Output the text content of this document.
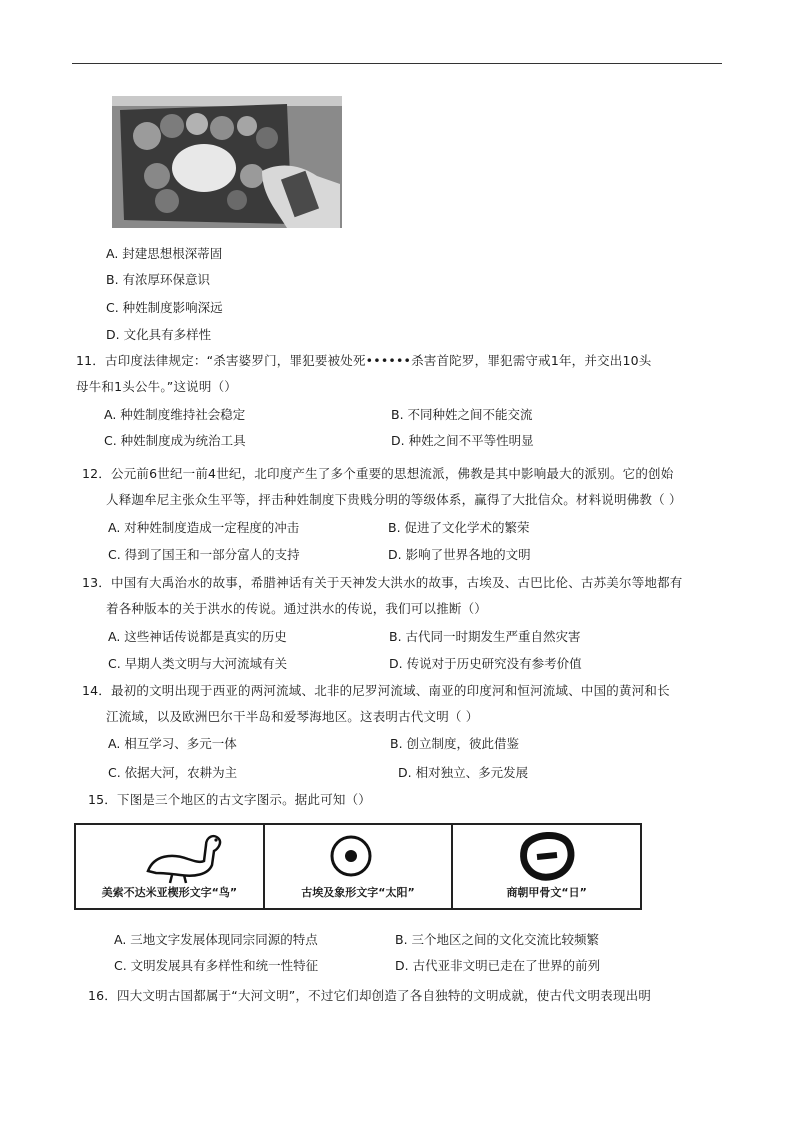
A. 封建思想根深蒂固
B. 有浓厚环保意识
C. 种姓制度影响深远
D. 文化具有多样性
11．古印度法律规定：“杀害婆罗门，罪犯要被处死••••••杀害首陀罗，罪犯需守戒1年，并交出10头
母牛和1头公牛。”这说明（）
A. 种姓制度维持社会稳定	B. 不同种姓之间不能交流
C. 种姓制度成为统治工具	D. 种姓之间不平等性明显
12．公元前6世纪一前4世纪，北印度产生了多个重要的思想流派，佛教是其中影响最大的派别。它的创始
人释迦牟尼主张众生平等，抨击种姓制度下贵贱分明的等级体系，赢得了大批信众。材料说明佛教（ ）
A. 对种姓制度造成一定程度的冲击	B. 促进了文化学术的繁荣
C. 得到了国王和一部分富人的支持	D. 影响了世界各地的文明
13．中国有大禹治水的故事，希腊神话有关于天神发大洪水的故事，古埃及、古巴比伦、古苏美尔等地都有
着各种版本的关于洪水的传说。通过洪水的传说，我们可以推断（）
A. 这些神话传说都是真实的历史	B. 古代同一时期发生严重自然灾害
C. 早期人类文明与大河流域有关	D. 传说对于历史研究没有参考价值
14．最初的文明出现于西亚的两河流域、北非的尼罗河流域、南亚的印度河和恒河流域、中国的黄河和长
江流域，以及欧洲巴尔干半岛和爱琴海地区。这表明古代文明（ ）
A. 相互学习、多元一体	B. 创立制度，彼此借鉴
C. 依据大河，农耕为主	D. 相对独立、多元发展
15．下图是三个地区的古文字图示。据此可知（）
美索不达米亚楔形文字“鸟”	古埃及象形文字“太阳”	商朝甲骨文“日”
A. 三地文字发展体现同宗同源的特点	B. 三个地区之间的文化交流比较频繁
C. 文明发展具有多样性和统一性特征	D. 古代亚非文明已走在了世界的前列
16．四大文明古国都属于“大河文明”，不过它们却创造了各自独特的文明成就，使古代文明表现出明
